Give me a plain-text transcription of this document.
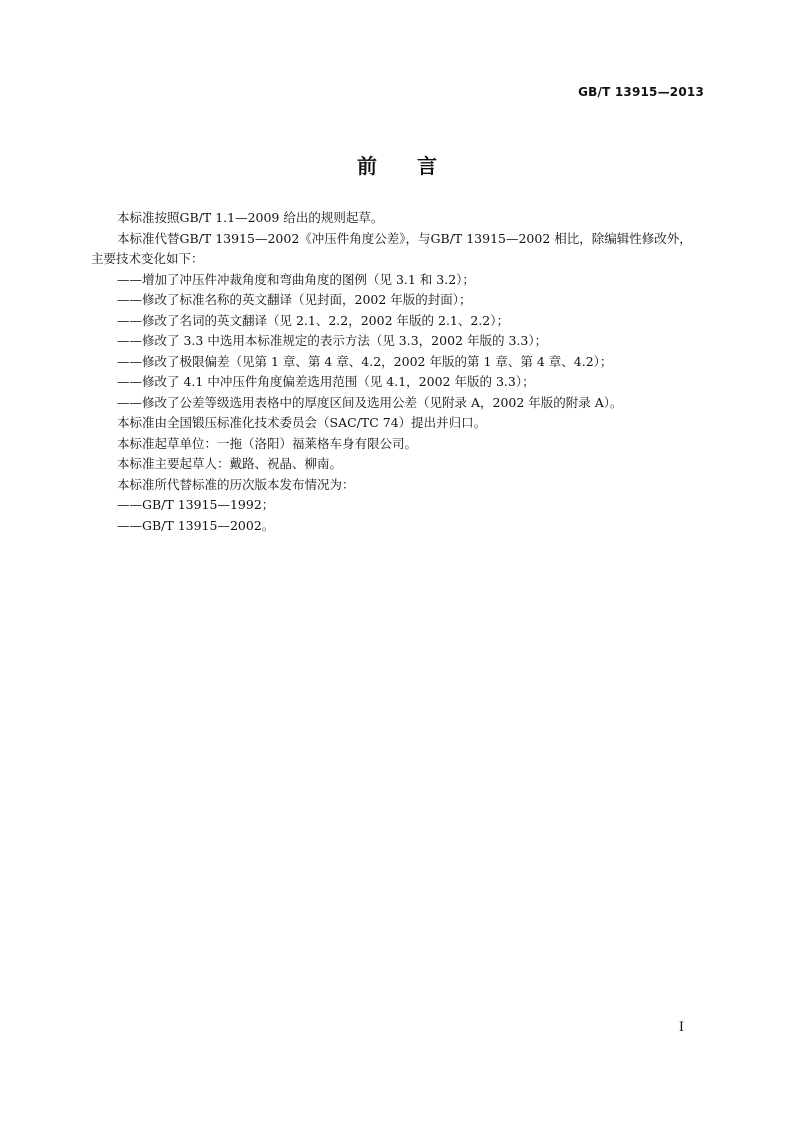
GB/T 13915—2013
前言

本标准按照GB/T 1.1—2009 给出的规则起草。

本标准代替GB/T 13915—2002《冲压件角度公差》，与GB/T 13915—2002 相比，除编辑性修改外，

主要技术变化如下：

——增加了冲压件冲裁角度和弯曲角度的图例（见 3.1 和 3.2）；

——修改了标准名称的英文翻译（见封面，2002 年版的封面）；

——修改了名词的英文翻译（见 2.1、2.2，2002 年版的 2.1、2.2）；

——修改了 3.3 中选用本标准规定的表示方法（见 3.3，2002 年版的 3.3）；

——修改了极限偏差（见第 1 章、第 4 章、4.2，2002 年版的第 1 章、第 4 章、4.2）；

——修改了 4.1 中冲压件角度偏差选用范围（见 4.1，2002 年版的 3.3）；

——修改了公差等级选用表格中的厚度区间及选用公差（见附录 A，2002 年版的附录 A）。

本标准由全国锻压标准化技术委员会（SAC/TC 74）提出并归口。

本标准起草单位：一拖（洛阳）福莱格车身有限公司。

本标准主要起草人：戴路、祝晶、柳南。

本标准所代替标准的历次版本发布情况为：

——GB/T 13915—1992；

——GB/T 13915—2002。

I
